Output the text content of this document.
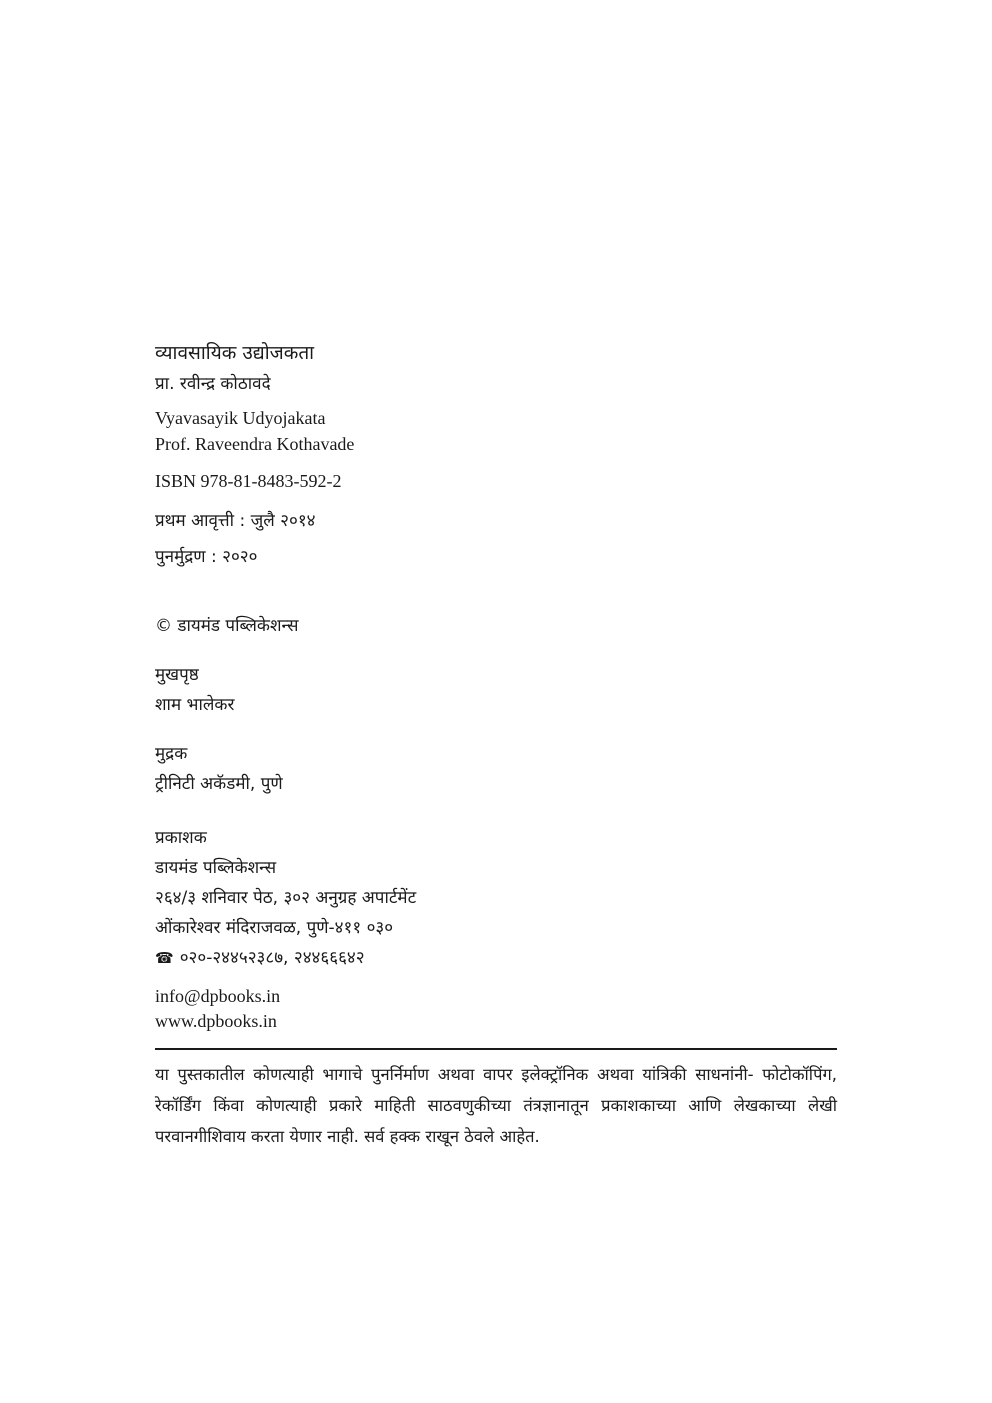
व्यावसायिक उद्योजकता
प्रा. रवीन्द्र कोठावदे
Vyavasayik Udyojakata
Prof. Raveendra Kothavade
ISBN 978-81-8483-592-2
प्रथम आवृत्ती : जुलै २०१४
पुनर्मुद्रण : २०२०
© डायमंड पब्लिकेशन्स
मुखपृष्ठ
शाम भालेकर
मुद्रक
ट्रीनिटी अकॅडमी, पुणे
प्रकाशक
डायमंड पब्लिकेशन्स
२६४/३ शनिवार पेठ, ३०२ अनुग्रह अपार्टमेंट
ओंकारेश्वर मंदिराजवळ, पुणे-४११ ०३०
☎ ०२०-२४४५२३८७, २४४६६६४२
info@dpbooks.in
www.dpbooks.in
या पुस्तकातील कोणत्याही भागाचे पुनर्निर्माण अथवा वापर इलेक्ट्रॉनिक अथवा यांत्रिकी साधनांनी- फोटोकॉपिंग, रेकॉर्डिंग किंवा कोणत्याही प्रकारे माहिती साठवणुकीच्या तंत्रज्ञानातून प्रकाशकाच्या आणि लेखकाच्या लेखी परवानगीशिवाय करता येणार नाही. सर्व हक्क राखून ठेवले आहेत.
